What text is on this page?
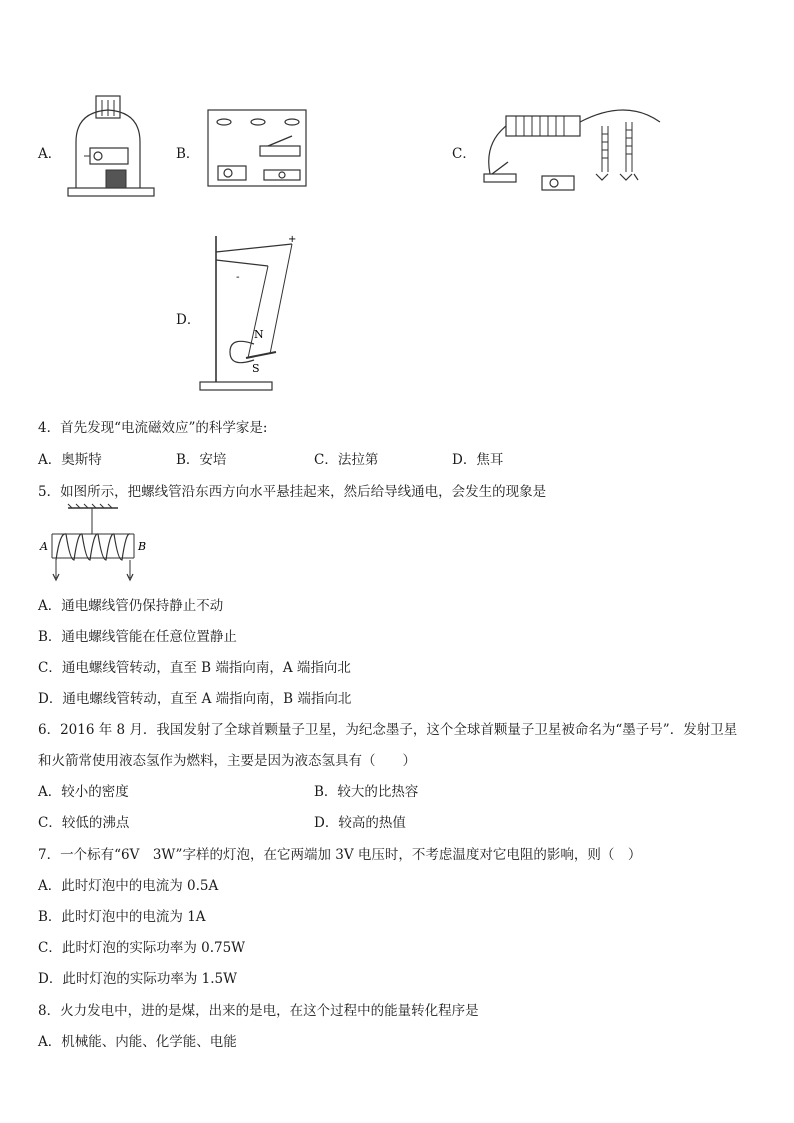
A．	B．	C．
D．
+
-
N
S
4．首先发现“电流磁效应”的科学家是:
A．奥斯特	B．安培	C．法拉第	D．焦耳
5．如图所示，把螺线管沿东西方向水平悬挂起来，然后给导线通电，会发生的现象是
A	B
A．通电螺线管仍保持静止不动
B．通电螺线管能在任意位置静止
C．通电螺线管转动，直至 B 端指向南，A 端指向北
D．通电螺线管转动，直至 A 端指向南，B 端指向北
6．2016 年 8 月．我国发射了全球首颗量子卫星，为纪念墨子，这个全球首颗量子卫星被命名为“墨子号”．发射卫星
和火箭常使用液态氢作为燃料，主要是因为液态氢具有（　　）
A．较小的密度	B．较大的比热容
C．较低的沸点	D．较高的热值
7．一个标有“6V　3W”字样的灯泡，在它两端加 3V 电压时，不考虑温度对它电阻的影响，则（　）
A．此时灯泡中的电流为 0.5A
B．此时灯泡中的电流为 1A
C．此时灯泡的实际功率为 0.75W
D．此时灯泡的实际功率为 1.5W
8．火力发电中，进的是煤，出来的是电，在这个过程中的能量转化程序是
A．机械能、内能、化学能、电能
